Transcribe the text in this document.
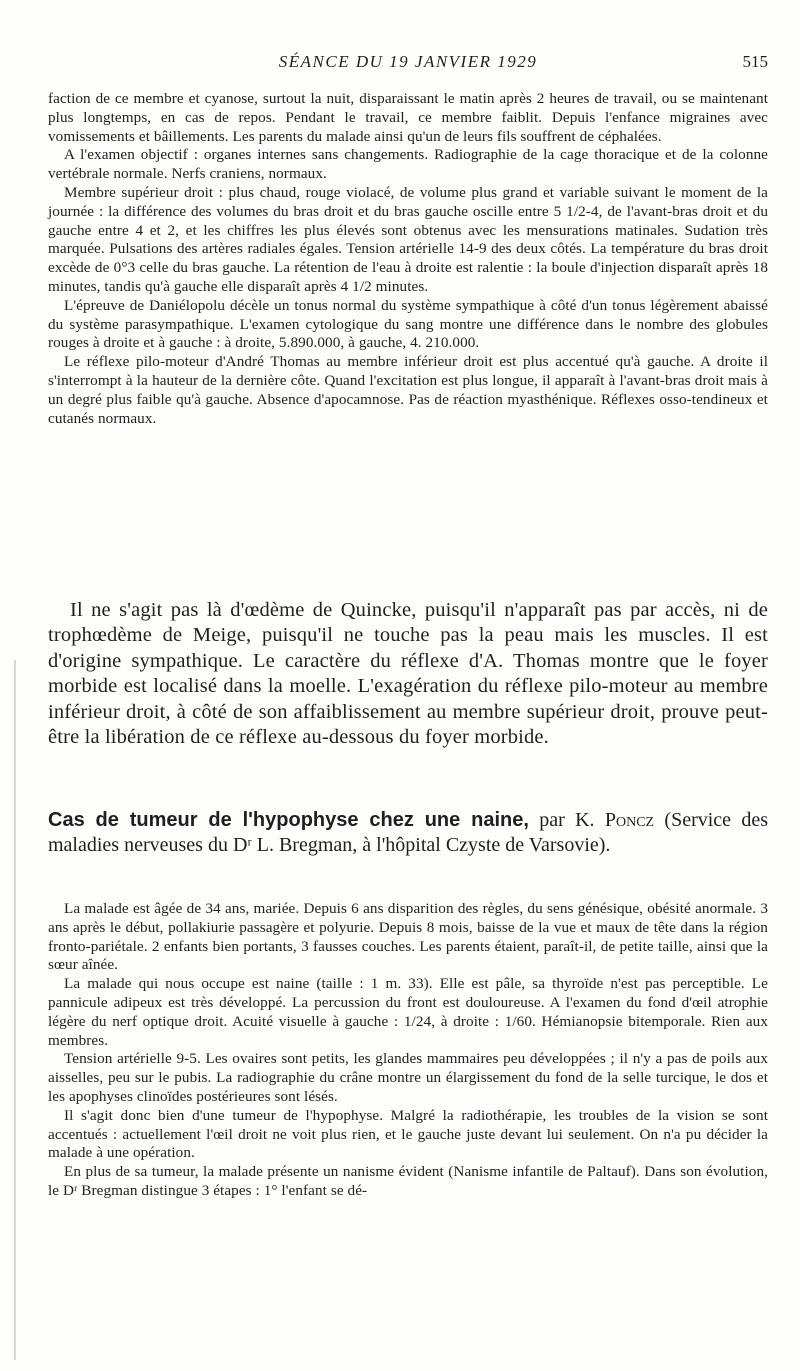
SÉANCE DU 19 JANVIER 1929	515

faction de ce membre et cyanose, surtout la nuit, disparaissant le matin après 2 heures de travail, ou se maintenant plus longtemps, en cas de repos. Pendant le travail, ce membre faiblit. Depuis l'enfance migraines avec vomissements et bâillements. Les parents du malade ainsi qu'un de leurs fils souffrent de céphalées.

A l'examen objectif : organes internes sans changements. Radiographie de la cage thoracique et de la colonne vertébrale normale. Nerfs craniens, normaux.

Membre supérieur droit : plus chaud, rouge violacé, de volume plus grand et variable suivant le moment de la journée : la différence des volumes du bras droit et du bras gauche oscille entre 5 1/2-4, de l'avant-bras droit et du gauche entre 4 et 2, et les chiffres les plus élevés sont obtenus avec les mensurations matinales. Sudation très marquée. Pulsations des artères radiales égales. Tension artérielle 14-9 des deux côtés. La température du bras droit excède de 0°3 celle du bras gauche. La rétention de l'eau à droite est ralentie : la boule d'injection disparaît après 18 minutes, tandis qu'à gauche elle disparaît après 4 1/2 minutes.

L'épreuve de Daniélopolu décèle un tonus normal du système sympathique à côté d'un tonus légèrement abaissé du système parasympathique. L'examen cytologique du sang montre une différence dans le nombre des globules rouges à droite et à gauche : à droite, 5.890.000, à gauche, 4. 210.000.

Le réflexe pilo-moteur d'André Thomas au membre inférieur droit est plus accentué qu'à gauche. A droite il s'interrompt à la hauteur de la dernière côte. Quand l'excitation est plus longue, il apparaît à l'avant-bras droit mais à un degré plus faible qu'à gauche. Absence d'apocamnose. Pas de réaction myasthénique. Réflexes osso-tendineux et cutanés normaux.

Il ne s'agit pas là d'œdème de Quincke, puisqu'il n'apparaît pas par accès, ni de trophœdème de Meige, puisqu'il ne touche pas la peau mais les muscles. Il est d'origine sympathique. Le caractère du réflexe d'A. Thomas montre que le foyer morbide est localisé dans la moelle. L'exagération du réflexe pilo-moteur au membre inférieur droit, à côté de son affaiblissement au membre supérieur droit, prouve peut-être la libération de ce réflexe au-dessous du foyer morbide.

Cas de tumeur de l'hypophyse chez une naine, par K. Poncz (Service des maladies nerveuses du Dʳ L. Bregman, à l'hôpital Czyste de Varsovie).

La malade est âgée de 34 ans, mariée. Depuis 6 ans disparition des règles, du sens génésique, obésité anormale. 3 ans après le début, pollakiurie passagère et polyurie. Depuis 8 mois, baisse de la vue et maux de tête dans la région fronto-pariétale. 2 enfants bien portants, 3 fausses couches. Les parents étaient, paraît-il, de petite taille, ainsi que la sœur aînée.

La malade qui nous occupe est naine (taille : 1 m. 33). Elle est pâle, sa thyroïde n'est pas perceptible. Le pannicule adipeux est très développé. La percussion du front est douloureuse. A l'examen du fond d'œil atrophie légère du nerf optique droit. Acuité visuelle à gauche : 1/24, à droite : 1/60. Hémianopsie bitemporale. Rien aux membres.

Tension artérielle 9-5. Les ovaires sont petits, les glandes mammaires peu développées ; il n'y a pas de poils aux aisselles, peu sur le pubis. La radiographie du crâne montre un élargissement du fond de la selle turcique, le dos et les apophyses clinoïdes postérieures sont lésés.

Il s'agit donc bien d'une tumeur de l'hypophyse. Malgré la radiothérapie, les troubles de la vision se sont accentués : actuellement l'œil droit ne voit plus rien, et le gauche juste devant lui seulement. On n'a pu décider la malade à une opération.

En plus de sa tumeur, la malade présente un nanisme évident (Nanisme infantile de Paltauf). Dans son évolution, le Dʳ Bregman distingue 3 étapes : 1° l'enfant se dé-
